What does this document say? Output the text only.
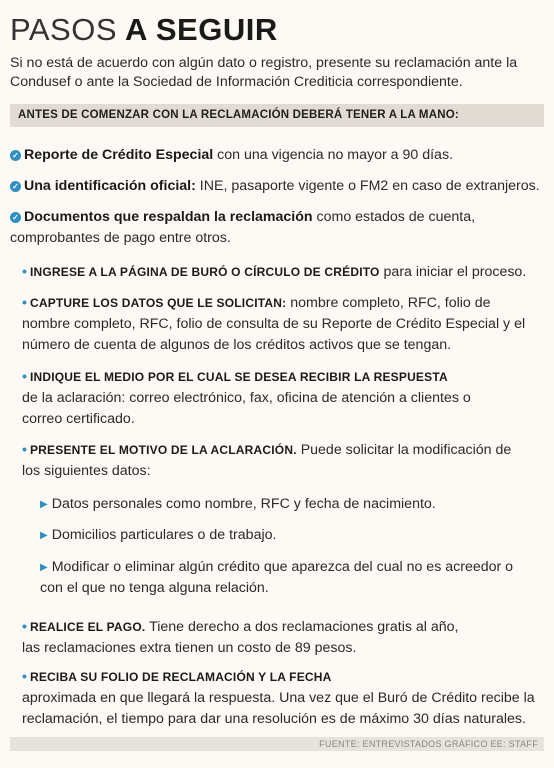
PASOS A SEGUIR

Si no está de acuerdo con algún dato o registro, presente su reclamación ante la Condusef o ante la Sociedad de Información Crediticia correspondiente.

ANTES DE COMENZAR CON LA RECLAMACIÓN DEBERÁ TENER A LA MANO:

✓ Reporte de Crédito Especial con una vigencia no mayor a 90 días.

✓ Una identificación oficial: INE, pasaporte vigente o FM2 en caso de extranjeros.

✓ Documentos que respaldan la reclamación como estados de cuenta, comprobantes de pago entre otros.

• INGRESE A LA PÁGINA DE BURÓ O CÍRCULO DE CRÉDITO para iniciar el proceso.

• CAPTURE LOS DATOS QUE LE SOLICITAN: nombre completo, RFC, folio de nombre completo, RFC, folio de consulta de su Reporte de Crédito Especial y el número de cuenta de algunos de los créditos activos que se tengan.

• INDIQUE EL MEDIO POR EL CUAL SE DESEA RECIBIR LA RESPUESTA
de la aclaración: correo electrónico, fax, oficina de atención a clientes o correo certificado.

• PRESENTE EL MOTIVO DE LA ACLARACIÓN. Puede solicitar la modificación de los siguientes datos:

▶ Datos personales como nombre, RFC y fecha de nacimiento.

▶ Domicilios particulares o de trabajo.

▶ Modificar o eliminar algún crédito que aparezca del cual no es acreedor o con el que no tenga alguna relación.

• REALICE EL PAGO. Tiene derecho a dos reclamaciones gratis al año, las reclamaciones extra tienen un costo de 89 pesos.

• RECIBA SU FOLIO DE RECLAMACIÓN Y LA FECHA
aproximada en que llegará la respuesta. Una vez que el Buró de Crédito recibe la reclamación, el tiempo para dar una resolución es de máximo 30 días naturales.

FUENTE: ENTREVISTADOS GRÁFICO EE: STAFF
